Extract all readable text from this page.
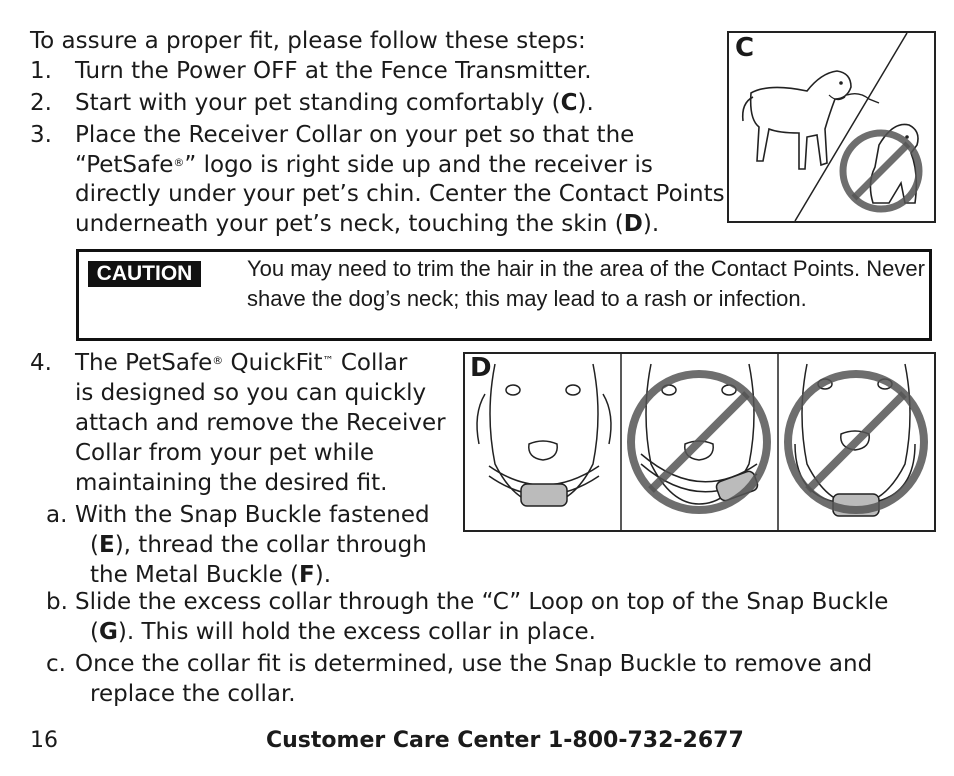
To assure a proper fit, please follow these steps:
1. Turn the Power OFF at the Fence Transmitter.
2. Start with your pet standing comfortably (C).
3. Place the Receiver Collar on your pet so that the
“PetSafe®” logo is right side up and the receiver is
directly under your pet’s chin. Center the Contact Points
underneath your pet’s neck, touching the skin (D).
C
CAUTION	You may need to trim the hair in the area of the Contact Points. Never shave the dog’s neck; this may lead to a rash or infection.
4. The PetSafe® QuickFit™ Collar
is designed so you can quickly
attach and remove the Receiver
Collar from your pet while
maintaining the desired fit.
D
a. With the Snap Buckle fastened
(E), thread the collar through
the Metal Buckle (F).
b. Slide the excess collar through the “C” Loop on top of the Snap Buckle
(G). This will hold the excess collar in place.
c. Once the collar fit is determined, use the Snap Buckle to remove and
replace the collar.
16	Customer Care Center 1-800-732-2677
